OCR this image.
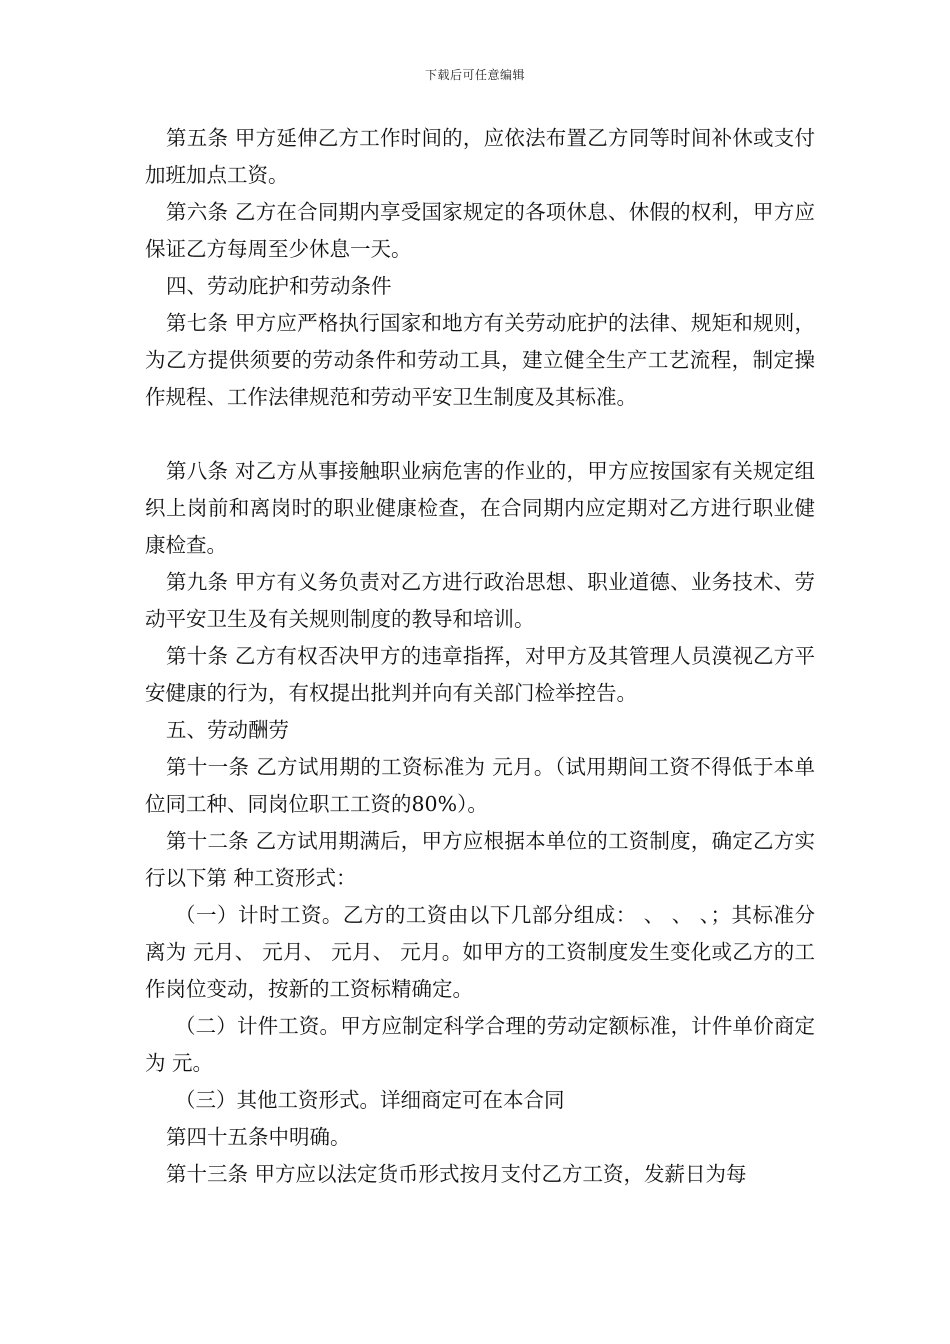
下载后可任意编辑

第五条 甲方延伸乙方工作时间的，应依法布置乙方同等时间补休或支付加班加点工资。

第六条 乙方在合同期内享受国家规定的各项休息、休假的权利，甲方应保证乙方每周至少休息一天。

四、劳动庇护和劳动条件

第七条 甲方应严格执行国家和地方有关劳动庇护的法律、规矩和规则，为乙方提供须要的劳动条件和劳动工具，建立健全生产工艺流程，制定操作规程、工作法律规范和劳动平安卫生制度及其标准。

第八条 对乙方从事接触职业病危害的作业的，甲方应按国家有关规定组织上岗前和离岗时的职业健康检查，在合同期内应定期对乙方进行职业健康检查。

第九条 甲方有义务负责对乙方进行政治思想、职业道德、业务技术、劳动平安卫生及有关规则制度的教导和培训。

第十条 乙方有权否决甲方的违章指挥，对甲方及其管理人员漠视乙方平安健康的行为，有权提出批判并向有关部门检举控告。

五、劳动酬劳

第十一条 乙方试用期的工资标准为 元月。（试用期间工资不得低于本单位同工种、同岗位职工工资的80%）。

第十二条 乙方试用期满后，甲方应根据本单位的工资制度，确定乙方实行以下第 种工资形式：

（一）计时工资。乙方的工资由以下几部分组成： 、 、 、；其标准分离为 元月、 元月、 元月、 元月。如甲方的工资制度发生变化或乙方的工作岗位变动，按新的工资标精确定。

（二）计件工资。甲方应制定科学合理的劳动定额标准，计件单价商定为 元。

（三）其他工资形式。详细商定可在本合同

第四十五条中明确。

第十三条 甲方应以法定货币形式按月支付乙方工资，发薪日为每
